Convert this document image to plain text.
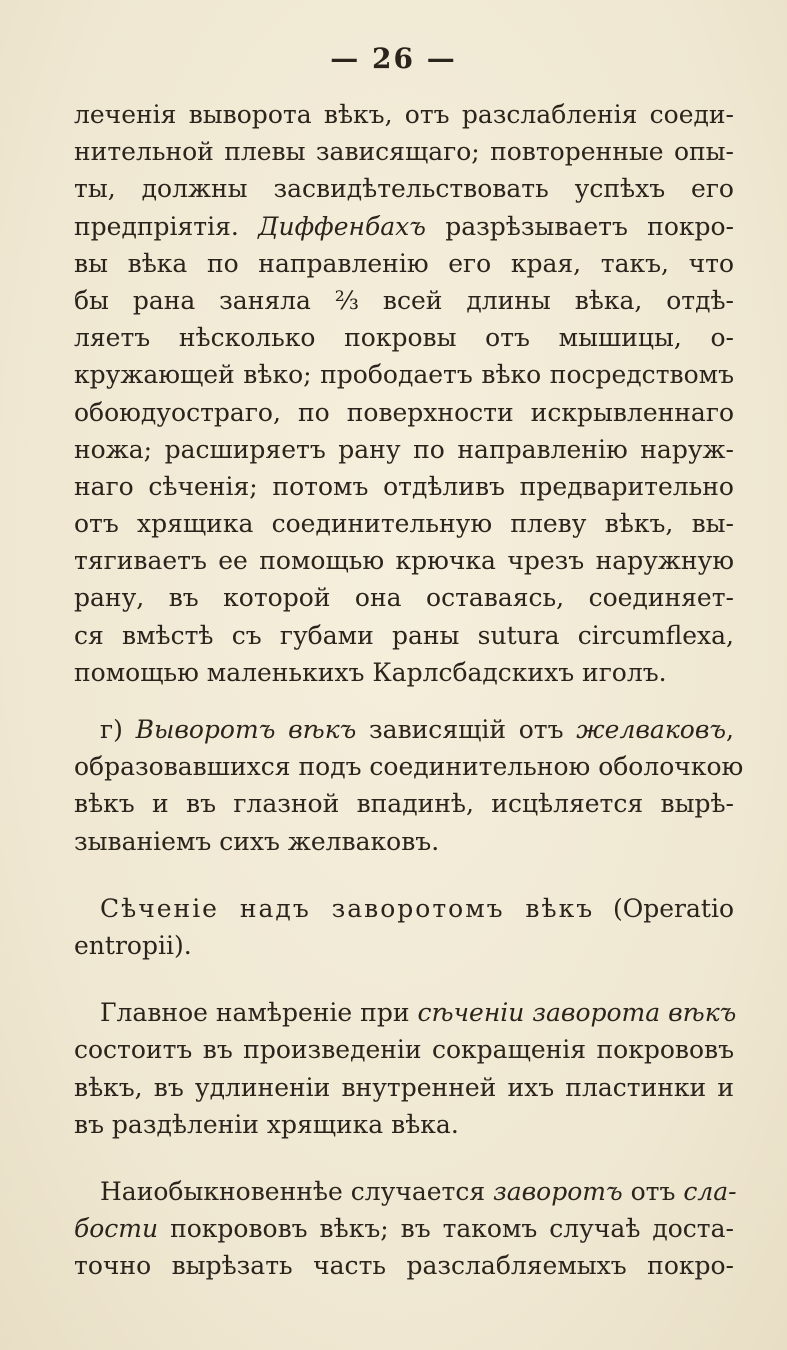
— 26 —
леченія выворота вѣкъ, отъ разслабленія соеди-
нительной плевы зависящаго; повторенные опы-
ты, должны засвидѣтельствовать успѣхъ его
предпріятія. Диффенбахъ разрѣзываетъ покро-
вы вѣка по направленію его края, такъ, что
бы рана заняла ⅔ всей длины вѣка, отдѣ-
ляетъ нѣсколько покровы отъ мышицы, о-
кружающей вѣко; прободаетъ вѣко посредствомъ
обоюдуостраго, по поверхности искрывленнаго
ножа; расширяетъ рану по направленію наруж-
наго сѣченія; потомъ отдѣливъ предварительно
отъ хрящика соединительную плеву вѣкъ, вы-
тягиваетъ ее помощью крючка чрезъ наружную
рану, въ которой она оставаясь, соединяет-
ся вмѣстѣ съ губами раны sutura circumflexa,
помощью маленькихъ Карлсбадскихъ иголъ.
г) Выворотъ вѣкъ зависящій отъ желваковъ,
образовавшихся подъ соединительною оболочкою
вѣкъ и въ глазной впадинѣ, исцѣляется вырѣ-
зываніемъ сихъ желваковъ.
Сѣченіе надъ заворотомъ вѣкъ (Operatio
entropii).
Главное намѣреніе при сѣченіи заворота вѣкъ
состоитъ въ произведеніи сокращенія покрововъ
вѣкъ, въ удлиненіи внутренней ихъ пластинки и
въ раздѣленіи хрящика вѣка.
Наиобыкновеннѣе случается заворотъ отъ сла-
бости покрововъ вѣкъ; въ такомъ случаѣ доста-
точно вырѣзать часть разслабляемыхъ покро-
